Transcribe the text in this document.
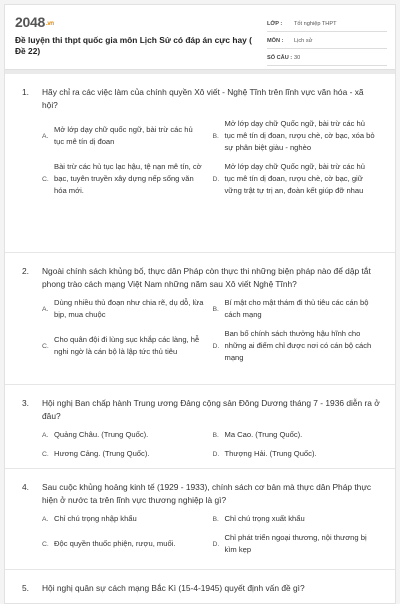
2048.vn
Đề luyện thi thpt quốc gia môn Lịch Sử có đáp án cực hay ( Đề 22)
LỚP :	Tốt nghiệp THPT
MÔN :	Lịch sử
SỐ CÂU : 30
1.	Hãy chỉ ra các việc làm của chính quyền Xô viết - Nghệ Tĩnh trên lĩnh vực văn hóa - xã hội?
A.
Mở lớp dạy chữ quốc ngữ, bài trừ các hủ tục mê tín dị đoan
B.
Mở lớp dạy chữ Quốc ngữ, bài trừ các hủ tục mê tín dị đoan, rượu chè, cờ bạc, xóa bỏ sự phân biệt giàu - nghèo
C.
Bài trừ các hủ tục lạc hậu, tệ nạn mê tín, cờ bạc, tuyên truyền xây dựng nếp sống văn hóa mới.
D.
Mở lớp dạy chữ Quốc ngữ, bài trừ các hủ tục mê tín dị đoan, rượu chè, cờ bạc, giữ vững trật tự trị an, đoàn kết giúp đỡ nhau
2.	Ngoài chính sách khủng bố, thực dân Pháp còn thực thi những biện pháp nào để dập tắt phong trào cách mạng Việt Nam những năm sau Xô viết Nghệ Tĩnh?
A.
Dùng nhiều thủ đoạn như chia rẽ, dụ dỗ, lừa bịp, mua chuộc
B.
Bí mật cho mật thám đi thủ tiêu các cán bộ cách mạng
C.
Cho quân đội đi lùng sục khắp các làng, hễ nghi ngờ là cán bộ là lập tức thủ tiêu
D.
Ban bố chính sách thưởng hậu hĩnh cho những ai điểm chỉ được nơi có cán bộ cách mạng
3.	Hội nghị Ban chấp hành Trung ương Đảng cộng sản Đông Dương tháng 7 - 1936 diễn ra ở đâu?
A. Quảng Châu. (Trung Quốc).	B. Ma Cao. (Trung Quốc).
C. Hương Cảng. (Trung Quốc).	D. Thượng Hải. (Trung Quốc).
4.	Sau cuộc khủng hoảng kinh tế (1929 - 1933), chính sách cơ bản mà thực dân Pháp thực hiện ở nước ta trên lĩnh vực thương nghiệp là gì?
A. Chỉ chú trọng nhập khẩu	B. Chỉ chú trọng xuất khẩu
C. Độc quyền thuốc phiện, rượu, muối.	D.
Chỉ phát triển ngoại thương, nội thương bị kìm kẹp
5.	Hội nghị quân sự cách mạng Bắc Kì (15-4-1945) quyết định vấn đề gì?
